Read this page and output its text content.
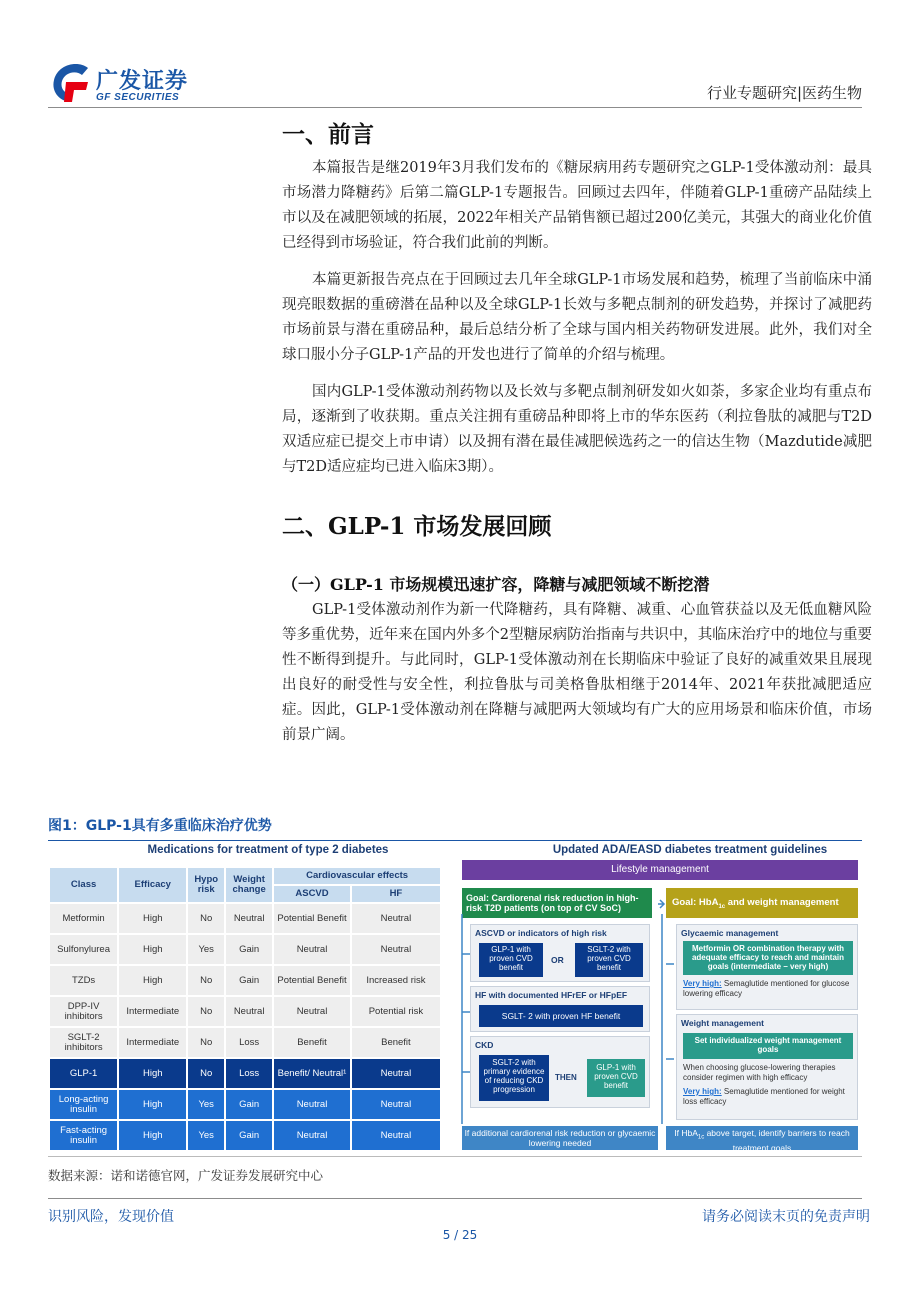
广发证券
GF SECURITIES	行业专题研究|医药生物
一、前言

本篇报告是继2019年3月我们发布的《糖尿病用药专题研究之GLP-1受体激动剂：最具市场潜力降糖药》后第二篇GLP-1专题报告。回顾过去四年，伴随着GLP-1重磅产品陆续上市以及在减肥领域的拓展，2022年相关产品销售额已超过200亿美元，其强大的商业化价值已经得到市场验证，符合我们此前的判断。

本篇更新报告亮点在于回顾过去几年全球GLP-1市场发展和趋势，梳理了当前临床中涌现亮眼数据的重磅潜在品种以及全球GLP-1长效与多靶点制剂的研发趋势，并探讨了减肥药市场前景与潜在重磅品种，最后总结分析了全球与国内相关药物研发进展。此外，我们对全球口服小分子GLP-1产品的开发也进行了简单的介绍与梳理。

国内GLP-1受体激动剂药物以及长效与多靶点制剂研发如火如荼，多家企业均有重点布局，逐渐到了收获期。重点关注拥有重磅品种即将上市的华东医药（利拉鲁肽的减肥与T2D双适应症已提交上市申请）以及拥有潜在最佳减肥候选药之一的信达生物（Mazdutide减肥与T2D适应症均已进入临床3期）。

二、GLP-1 市场发展回顾
（一）GLP-1 市场规模迅速扩容，降糖与减肥领域不断挖潜

GLP-1受体激动剂作为新一代降糖药，具有降糖、减重、心血管获益以及无低血糖风险等多重优势，近年来在国内外多个2型糖尿病防治指南与共识中，其临床治疗中的地位与重要性不断得到提升。与此同时，GLP-1受体激动剂在长期临床中验证了良好的减重效果且展现出良好的耐受性与安全性，利拉鲁肽与司美格鲁肽相继于2014年、2021年获批减肥适应症。因此，GLP-1受体激动剂在降糖与减肥两大领域均有广大的应用场景和临床价值，市场前景广阔。

图1：GLP-1具有多重临床治疗优势
Medications for treatment of type 2 diabetes
Class	Efficacy	Hypo risk	Weight change	Cardiovascular effects	
				ASCVD	HF
Metformin	High	No	Neutral	Potential Benefit	Neutral
Sulfonylurea	High	Yes	Gain	Neutral	Neutral
TZDs	High	No	Gain	Potential Benefit	Increased risk
DPP-IV inhibitors	Intermediate	No	Neutral	Neutral	Potential risk
SGLT-2 inhibitors	Intermediate	No	Loss	Benefit	Benefit
GLP-1	High	No	Loss	Benefit/ Neutral¹	Neutral
Long-acting insulin	High	Yes	Gain	Neutral	Neutral
Fast-acting insulin	High	Yes	Gain	Neutral	Neutral
Updated ADA/EASD diabetes treatment guidelines
Lifestyle management
Goal: Cardiorenal risk reduction in high-risk T2D patients (on top of CV SoC)	Goal: HbA$_{1c}$ and weight management
ASCVD or indicators of high risk
GLP-1 with proven CVD benefit
OR
SGLT-2 with proven CVD benefit
HF with documented HFrEF or HFpEF
SGLT- 2 with proven HF benefit
CKD
SGLT-2 with primary evidence of reducing CKD progression
THEN
GLP-1 with proven CVD benefit
Glycaemic management
Metformin OR combination therapy with adequate efficacy to reach and maintain goals (intermediate – very high)
Very high: Semaglutide mentioned for glucose lowering efficacy
Weight management
Set individualized weight management goals
When choosing glucose-lowering therapies consider regimen with high efficacy
Very high: Semaglutide mentioned for weight loss efficacy
If additional cardiorenal risk reduction or glycaemic lowering needed
If HbA$_{1c}$ above target, identify barriers to reach treatment goals
数据来源：诺和诺德官网，广发证券发展研究中心
识别风险，发现价值	请务必阅读末页的免责声明
5 / 25
